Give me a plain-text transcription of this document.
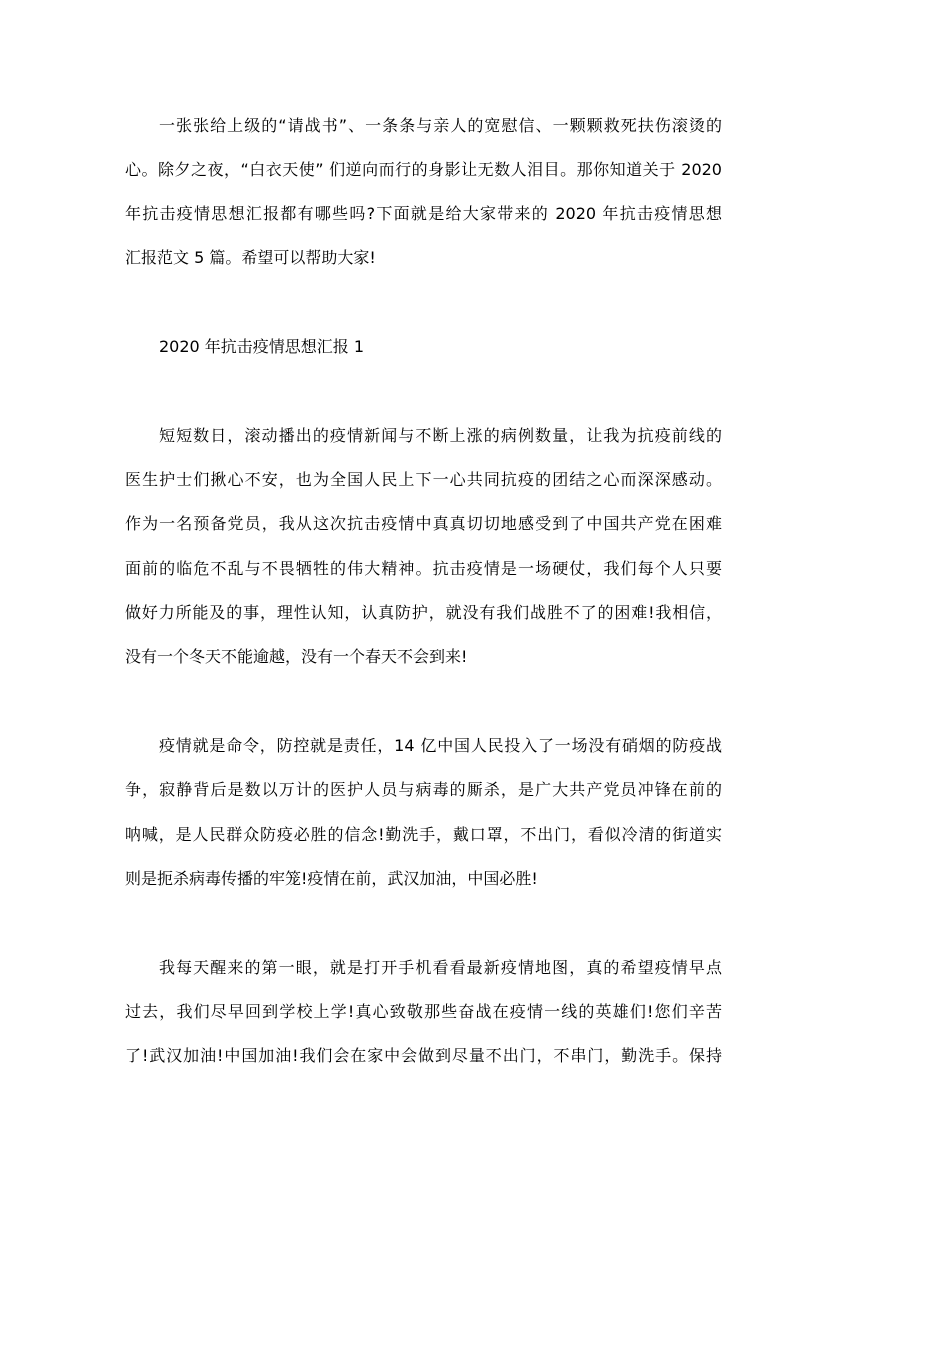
一张张给上级的“请战书”、一条条与亲人的宽慰信、一颗颗救死扶伤滚烫的
心。除夕之夜，“白衣天使” 们逆向而行的身影让无数人泪目。那你知道关于 2020
年抗击疫情思想汇报都有哪些吗?下面就是给大家带来的 2020 年抗击疫情思想
汇报范文 5 篇。希望可以帮助大家!
2020 年抗击疫情思想汇报 1
短短数日，滚动播出的疫情新闻与不断上涨的病例数量，让我为抗疫前线的
医生护士们揪心不安，也为全国人民上下一心共同抗疫的团结之心而深深感动。
作为一名预备党员，我从这次抗击疫情中真真切切地感受到了中国共产党在困难
面前的临危不乱与不畏牺牲的伟大精神。抗击疫情是一场硬仗，我们每个人只要
做好力所能及的事，理性认知，认真防护，就没有我们战胜不了的困难!我相信，
没有一个冬天不能逾越，没有一个春天不会到来!
疫情就是命令，防控就是责任，14 亿中国人民投入了一场没有硝烟的防疫战
争，寂静背后是数以万计的医护人员与病毒的厮杀，是广大共产党员冲锋在前的
呐喊，是人民群众防疫必胜的信念!勤洗手，戴口罩，不出门，看似冷清的街道实
则是扼杀病毒传播的牢笼!疫情在前，武汉加油，中国必胜!
我每天醒来的第一眼，就是打开手机看看最新疫情地图，真的希望疫情早点
过去，我们尽早回到学校上学!真心致敬那些奋战在疫情一线的英雄们!您们辛苦
了!武汉加油!中国加油!我们会在家中会做到尽量不出门，不串门，勤洗手。保持
